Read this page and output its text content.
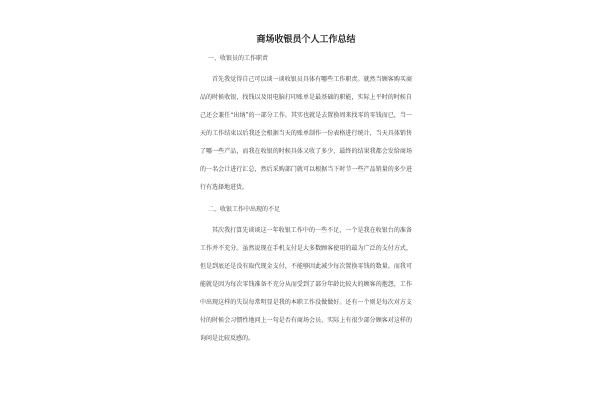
商场收银员个人工作总结
一、收银员的工作职责

首先我觉得自己可以谈一谈收银员具体有哪些工作职责。就然当顾客购买商品的时候收银，找钱以及用电脑打印账单是最基础的职能，实际上平时的时候自己还会兼任“出纳”的一部分工作。其实也就是去置换周来找零的零钱而已，当一天的工作结束以后我还会根据当天的账单制作一份表格进行统计，当天具体销售了哪一些产品，而我在收银的时候具体又收了多少，最终的结果我都会发给商场的一名会计进行汇总，然后采购部门就可以根据当下时节一些产品销量的多少进行有选择地进货。

二、收银工作中出现的不足

其次我打算先谈谈这一年收银工作中的一些不足，一个是我在收银台的准备工作并不充分。虽然说现在手机支付是大多数顾客使用的最为广泛的支付方式，但是到底还是没有取代现金支付，不能够因此减少每次置换零钱的数量。而我可能就是因为每次零钱准备不充分从而受到了部分年龄比较大的顾客的抱怨，工作中出现这样的失误每常明显是我的本职工作没做做好。还有一个则是每次对方支付的时候会习惯性地问上一句是否有商场会员，实际上有很少部分顾客对这样的询问是比较反感的。
